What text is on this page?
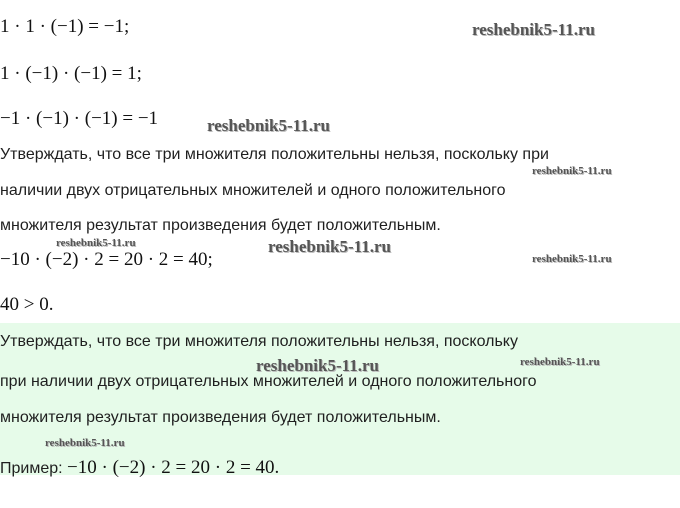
1 · 1 · (−1) = −1;
1 · (−1) · (−1) = 1;
−1 · (−1) · (−1) = −1
Утверждать, что все три множителя положительны нельзя, поскольку при
наличии двух отрицательных множителей и одного положительного
множителя результат произведения будет положительным.
−10 · (−2) · 2 = 20 · 2 = 40;
40 > 0.
Утверждать, что все три множителя положительны нельзя, поскольку
при наличии двух отрицательных множителей и одного положительного
множителя результат произведения будет положительным.
Пример: −10 · (−2) · 2 = 20 · 2 = 40.
reshebnik5-11.ru
reshebnik5-11.ru
reshebnik5-11.ru
reshebnik5-11.ru	reshebnik5-11.ru
reshebnik5-11.ru
reshebnik5-11.ru	reshebnik5-11.ru
reshebnik5-11.ru
